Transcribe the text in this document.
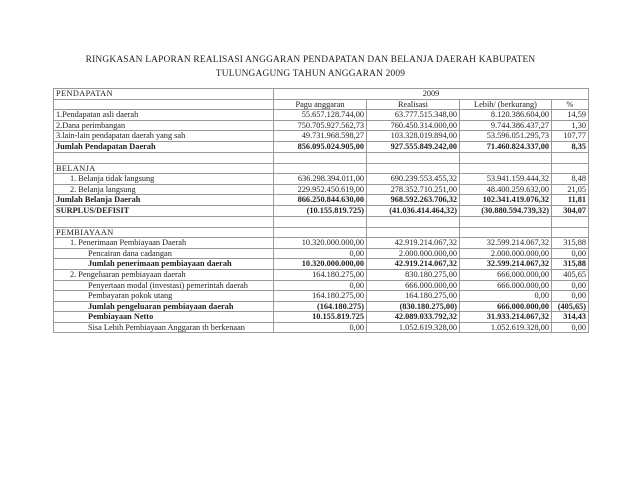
RINGKASAN LAPORAN REALISASI ANGGARAN PENDAPATAN DAN BELANJA DAERAH KABUPATEN
TULUNGAGUNG TAHUN ANGGARAN 2009
PENDAPATAN	2009			
	Pagu anggaran	Realisasi	Lebih/ (berkurang)	%
1.Pendapatan asli daerah	55.657.128.744,00	63.777.515.348,00	8.120.386.604,00	14,59
2.Dana perimbangan	750.705.927.562,73	760.450.314.000,00	9.744.386.437,27	1,30
3.lain-lain pendapatan daerah yang sah	49.731.968.598,27	103.328.019.894,00	53.596.051.295,73	107,77
Jumlah Pendapatan Daerah	856.095.024.905,00	927.555.849.242,00	71.460.824.337,00	8,35

BELANJA				
1. Belanja tidak langsung	636.298.394.011,00	690.239.553.455,32	53.941.159.444,32	8,48
2. Belanja langsung	229.952.450.619,00	278.352.710.251,00	48.400.259.632,00	21,05
Jumlah Belanja Daerah	866.250.844.630,00	968.592.263.706,32	102.341.419.076,32	11,81
SURPLUS/DEFISIT	(10.155.819.725)	(41.036.414.464,32)	(30.880.594.739,32)	304,07

PEMBIAYAAN				
1. Penerimaan Pembiayaan Daerah	10.320.000.000,00	42.919.214.067,32	32.599.214.067,32	315,88
Pencairan dana cadangan	0,00	2.000.000.000,00	2.000.000.000,00	0,00
Jumlah penerimaan pembiayaan daerah	10.320.000.000,00	42.919.214.067,32	32.599.214.067,32	315,88
2. Pengeluaran pembiayaan daerah	164.180.275,00	830.180.275,00	666.000.000,00	405,65
Penyertaan modal (investasi) pemerintah daerah	0,00	666.000.000,00	666.000.000,00	0,00
Pembayaran pokok utang	164.180.275,00	164.180.275,00	0,00	0,00
Jumlah pengeluaran pembiayaan daerah	(164.180.275)	(830.180.275,00)	666.000.000,00	(405,65)
Pembiayaan Netto	10.155.819.725	42.089.033.792,32	31.933.214.067,32	314,43
Sisa Lebih Pembiayaan Anggaran th berkenaan	0,00	1.052.619.328,00	1.052.619.328,00	0,00
